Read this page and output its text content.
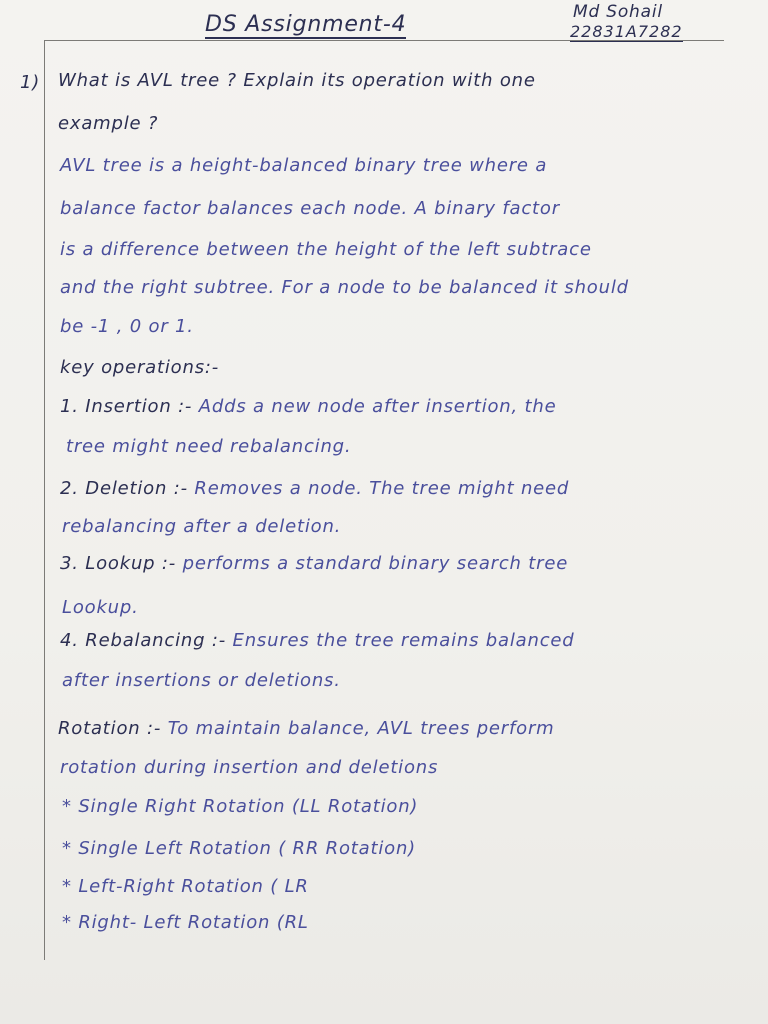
DS Assignment-4	Md Sohail
22831A7282
1) What is AVL tree ? Explain its operation with one
example ?
AVL tree is a height-balanced binary tree where a
balance factor balances each node. A binary factor
is a difference between the height of the left subtrace
and the right subtree. For a node to be balanced it should
be -1 , 0 or 1.
key operations:-
1. Insertion :- Adds a new node after insertion, the
tree might need rebalancing.
2. Deletion :- Removes a node. The tree might need
rebalancing after a deletion.
3. Lookup :- performs a standard binary search tree
Lookup.
4. Rebalancing :- Ensures the tree remains balanced
after insertions or deletions.
Rotation :- To maintain balance, AVL trees perform
rotation during insertion and deletions
* Single Right Rotation (LL Rotation)
* Single Left Rotation ( RR Rotation)
* Left-Right Rotation ( LR
* Right- Left Rotation (RL
